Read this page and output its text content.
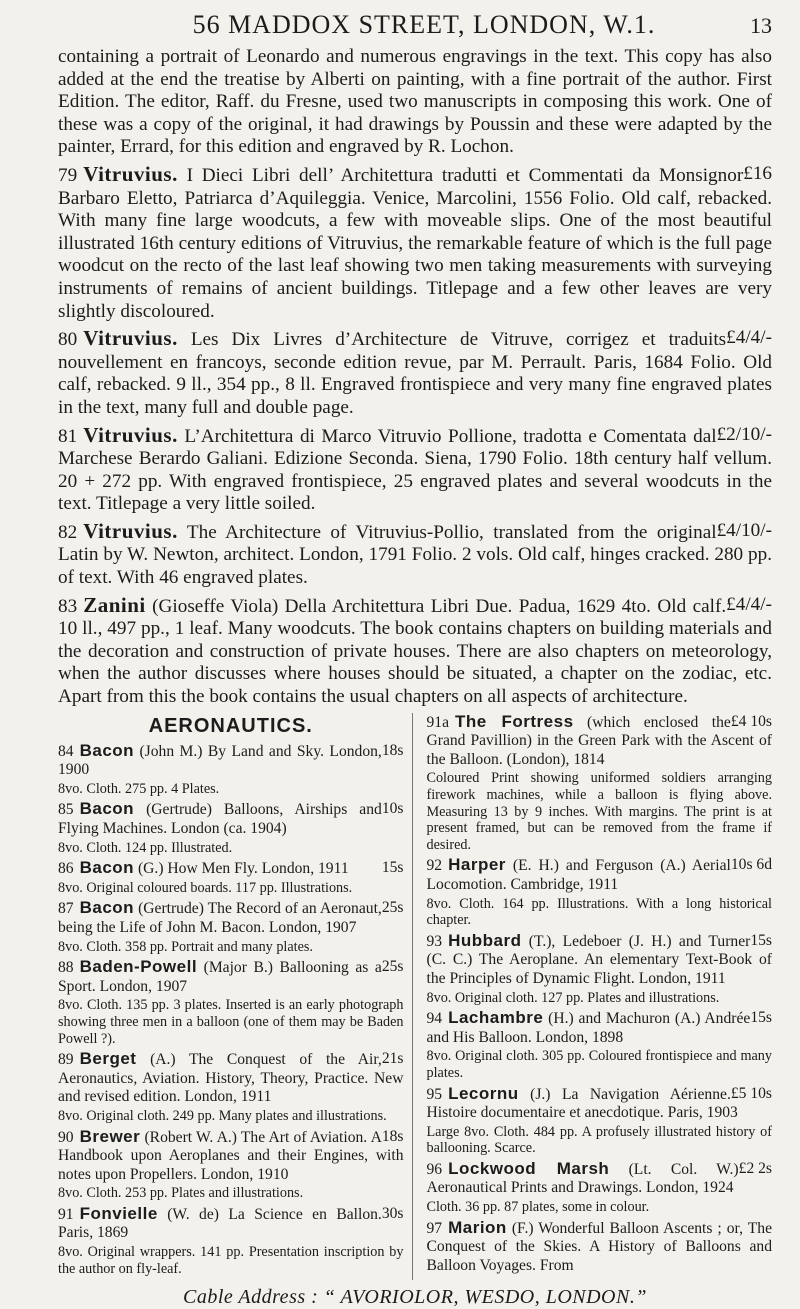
56 MADDOX STREET, LONDON, W.1.	13
containing a portrait of Leonardo and numerous engravings in the text. This copy has also added at the end the treatise by Alberti on painting, with a fine portrait of the author. First Edition. The editor, Raff. du Fresne, used two manuscripts in composing this work. One of these was a copy of the original, it had drawings by Poussin and these were adapted by the painter, Errard, for this edition and engraved by R. Lochon.
£16
79 Vitruvius. I Dieci Libri dell’ Architettura tradutti et Commentati da Monsignor Barbaro Eletto, Patriarca d’Aquileggia. Venice, Marcolini, 1556 Folio. Old calf, rebacked. With many fine large woodcuts, a few with moveable slips. One of the most beautiful illustrated 16th century editions of Vitruvius, the remarkable feature of which is the full page woodcut on the recto of the last leaf showing two men taking measurements with surveying instruments of remains of ancient buildings. Titlepage and a few other leaves are very slightly discoloured.
£4/4/-
80 Vitruvius. Les Dix Livres d’Architecture de Vitruve, corrigez et traduits nouvellement en francoys, seconde edition revue, par M. Perrault. Paris, 1684 Folio. Old calf, rebacked. 9 ll., 354 pp., 8 ll. Engraved frontispiece and very many fine engraved plates in the text, many full and double page.
£2/10/-
81 Vitruvius. L’Architettura di Marco Vitruvio Pollione, tradotta e Comentata dal Marchese Berardo Galiani. Edizione Seconda. Siena, 1790 Folio. 18th century half vellum. 20 + 272 pp. With engraved frontispiece, 25 engraved plates and several woodcuts in the text. Titlepage a very little soiled.
£4/10/-
82 Vitruvius. The Architecture of Vitruvius-Pollio, translated from the original Latin by W. Newton, architect. London, 1791 Folio. 2 vols. Old calf, hinges cracked. 280 pp. of text. With 46 engraved plates.
£4/4/-
83 Zanini (Gioseffe Viola) Della Architettura Libri Due. Padua, 1629 4to. Old calf. 10 ll., 497 pp., 1 leaf. Many woodcuts. The book contains chapters on building materials and the decoration and construction of private houses. There are also chapters on meteorology, when the author discusses where houses should be situated, a chapter on the zodiac, etc. Apart from this the book contains the usual chapters on all aspects of architecture.
AERONAUTICS.
18s
84 Bacon (John M.) By Land and Sky. London, 1900
8vo. Cloth. 275 pp. 4 Plates.
10s
85 Bacon (Gertrude) Balloons, Airships and Flying Machines. London (ca. 1904)
8vo. Cloth. 124 pp. Illustrated.
15s
86 Bacon (G.) How Men Fly. London, 1911
8vo. Original coloured boards. 117 pp. Illustrations.
25s
87 Bacon (Gertrude) The Record of an Aeronaut, being the Life of John M. Bacon. London, 1907
8vo. Cloth. 358 pp. Portrait and many plates.
25s
88 Baden-Powell (Major B.) Ballooning as a Sport. London, 1907
8vo. Cloth. 135 pp. 3 plates. Inserted is an early photograph showing three men in a balloon (one of them may be Baden Powell ?).
21s
89 Berget (A.) The Conquest of the Air, Aeronautics, Aviation. History, Theory, Practice. New and revised edition. London, 1911
8vo. Original cloth. 249 pp. Many plates and illustrations.
18s
90 Brewer (Robert W. A.) The Art of Aviation. A Handbook upon Aeroplanes and their Engines, with notes upon Propellers. London, 1910
8vo. Cloth. 253 pp. Plates and illustrations.
30s
91 Fonvielle (W. de) La Science en Ballon. Paris, 1869
8vo. Original wrappers. 141 pp. Presentation inscription by the author on fly-leaf.
£4 10s
91a The Fortress (which enclosed the Grand Pavillion) in the Green Park with the Ascent of the Balloon. (London), 1814
Coloured Print showing uniformed soldiers arranging firework machines, while a balloon is flying above. Measuring 13 by 9 inches. With margins. The print is at present framed, but can be removed from the frame if desired.
10s 6d
92 Harper (E. H.) and Ferguson (A.) Aerial Locomotion. Cambridge, 1911
8vo. Cloth. 164 pp. Illustrations. With a long historical chapter.
15s
93 Hubbard (T.), Ledeboer (J. H.) and Turner (C. C.) The Aeroplane. An elementary Text-Book of the Principles of Dynamic Flight. London, 1911
8vo. Original cloth. 127 pp. Plates and illustrations.
15s
94 Lachambre (H.) and Machuron (A.) Andrée and His Balloon. London, 1898
8vo. Original cloth. 305 pp. Coloured frontispiece and many plates.
£5 10s
95 Lecornu (J.) La Navigation Aérienne. Histoire documentaire et anecdotique. Paris, 1903
Large 8vo. Cloth. 484 pp. A profusely illustrated history of ballooning. Scarce.
£2 2s
96 Lockwood Marsh (Lt. Col. W.) Aeronautical Prints and Drawings. London, 1924
Cloth. 36 pp. 87 plates, some in colour.
97 Marion (F.) Wonderful Balloon Ascents ; or, The Conquest of the Skies. A History of Balloons and Balloon Voyages. From
Cable Address : “ AVORIOLOR, WESDO, LONDON.”
